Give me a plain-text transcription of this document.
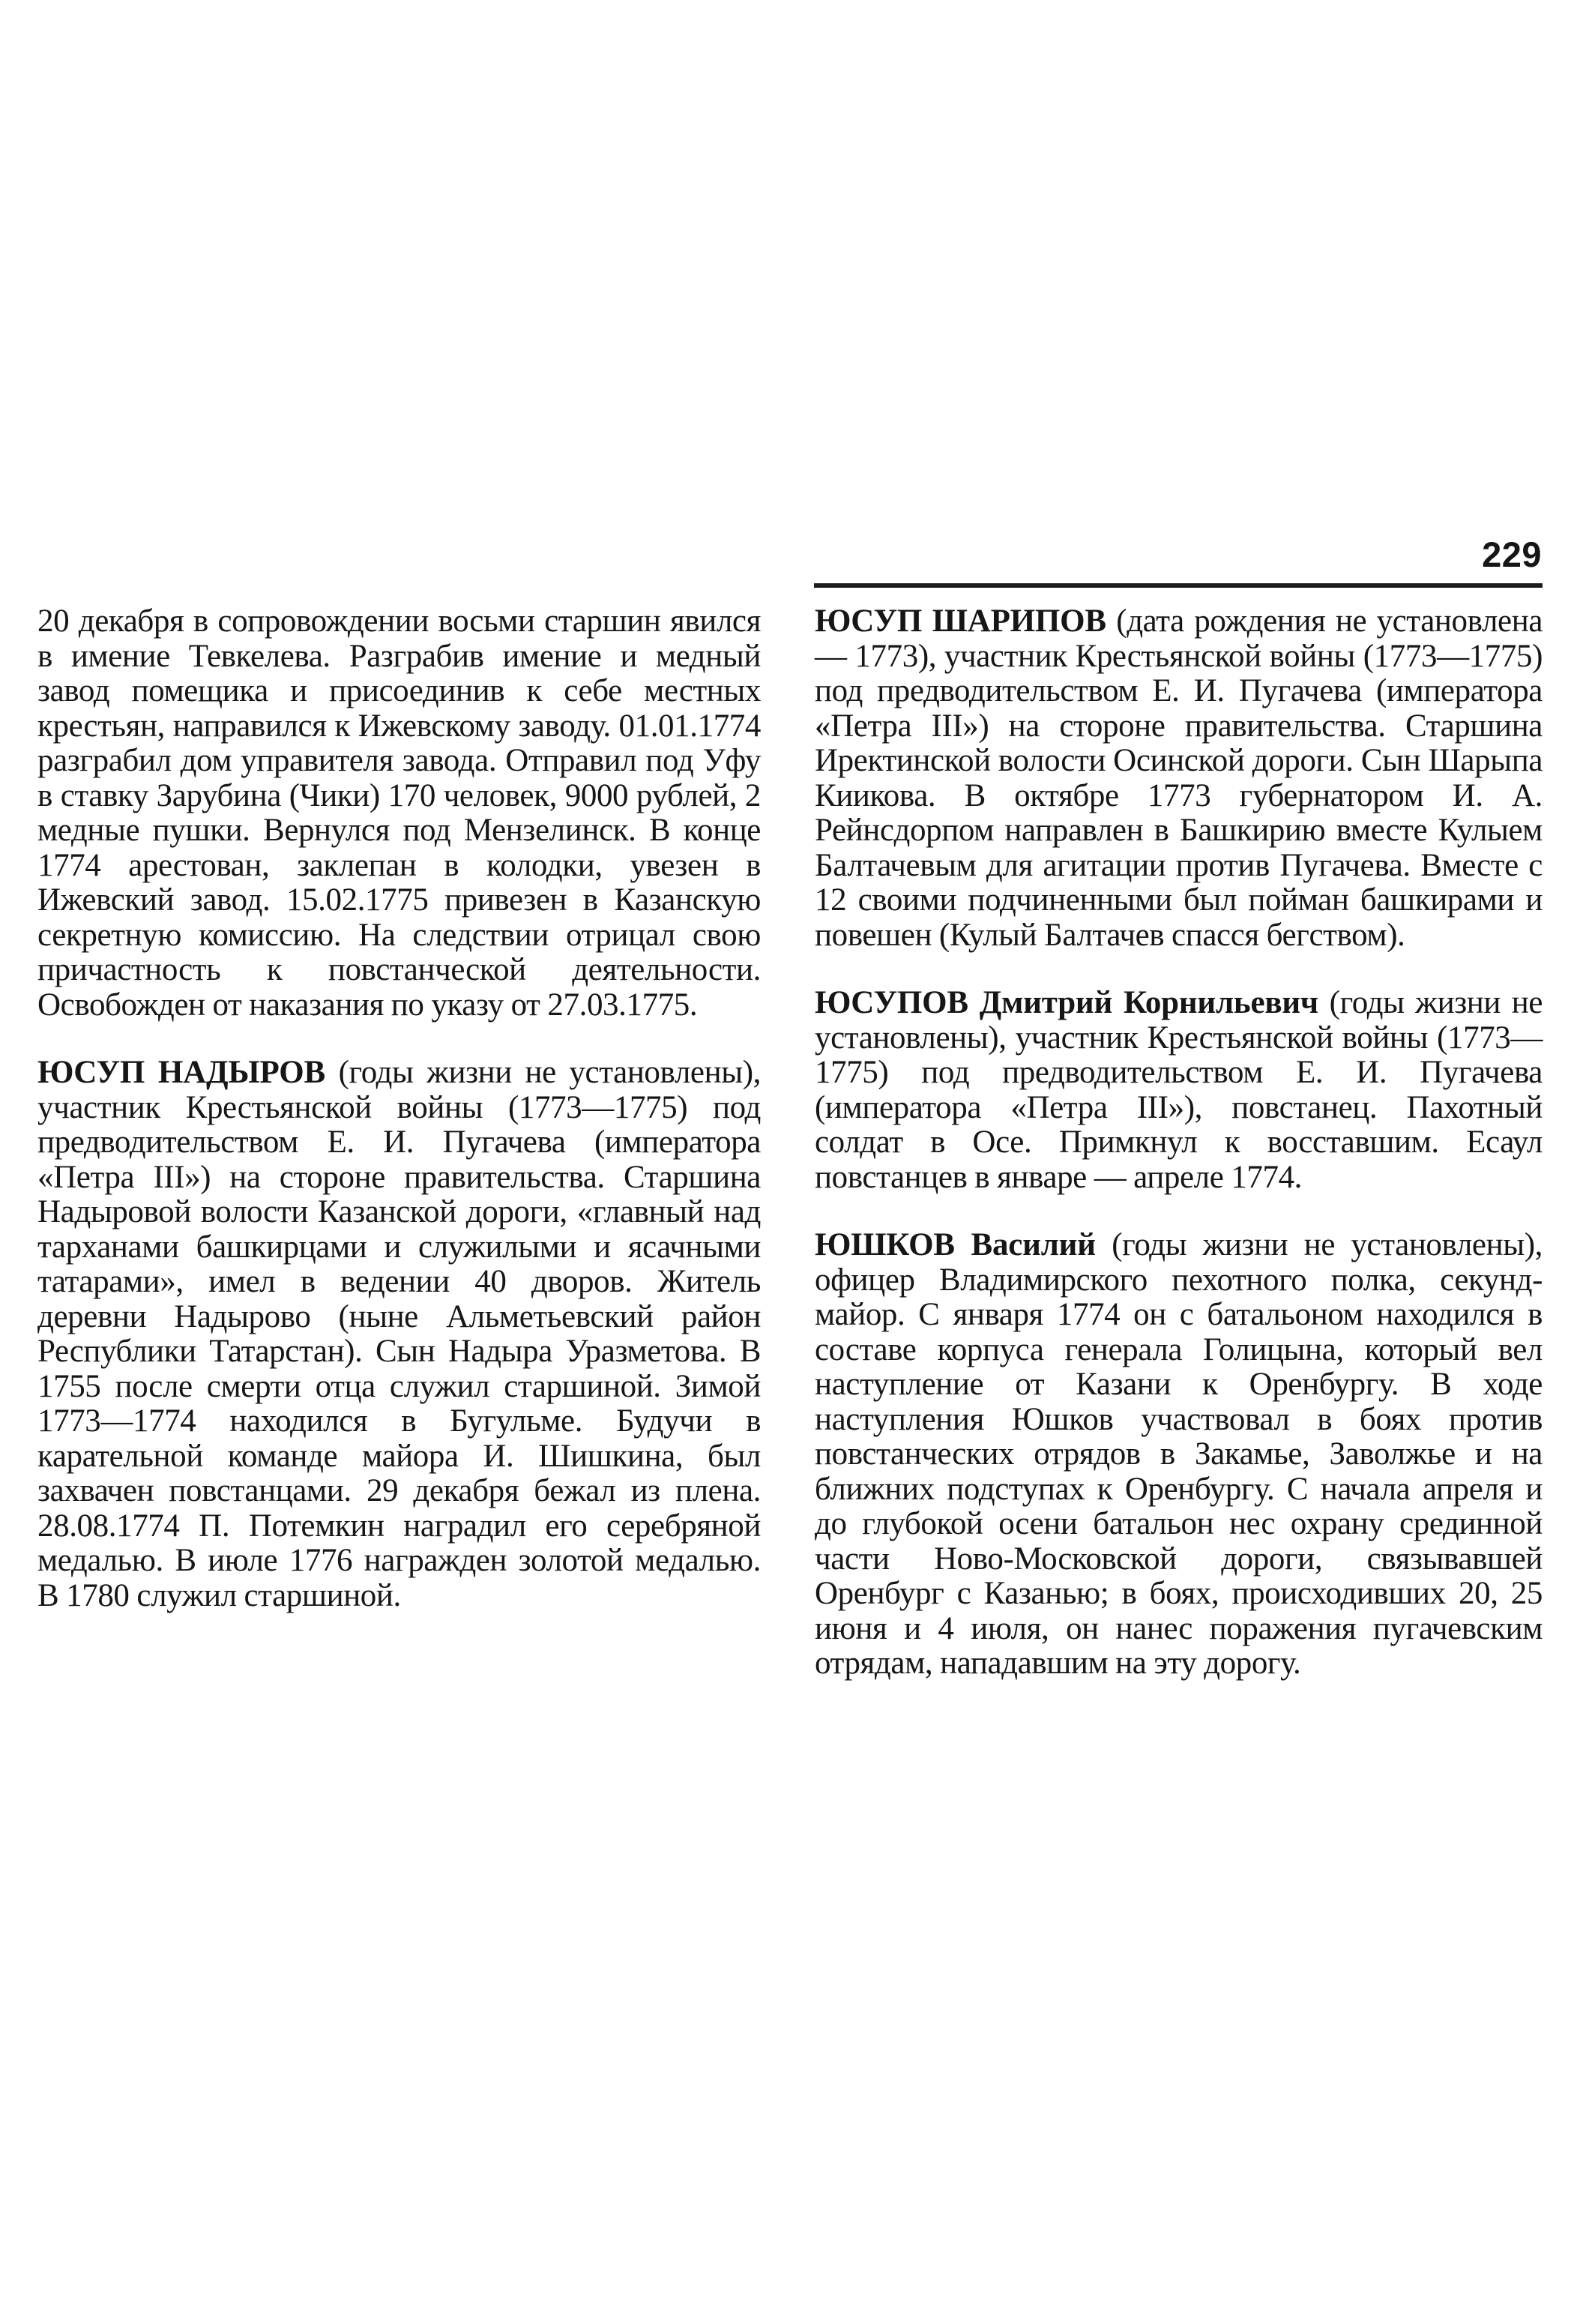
229

20 декабря в сопровождении восьми старшин явился в имение Тевкелева. Разграбив имение и медный завод помещика и присоединив к себе местных крестьян, направился к Ижевскому заводу. 01.01.1774 разграбил дом управителя завода. Отправил под Уфу в ставку Зарубина (Чики) 170 человек, 9000 рублей, 2 медные пушки. Вернулся под Мензелинск. В конце 1774 арестован, заклепан в колодки, увезен в Ижевский завод. 15.02.1775 привезен в Казанскую секретную комиссию. На следствии отрицал свою причастность к повстанческой деятельности. Освобожден от наказания по указу от 27.03.1775.

ЮСУП НАДЫРОВ (годы жизни не установлены), участник Крестьянской войны (1773—1775) под предводительством Е. И. Пугачева (императора «Петра III») на стороне правительства. Старшина Надыровой волости Казанской дороги, «главный над тарханами башкирцами и служилыми и ясачными татарами», имел в ведении 40 дворов. Житель деревни Надырово (ныне Альметьевский район Республики Татарстан). Сын Надыра Уразметова. В 1755 после смерти отца служил старшиной. Зимой 1773—1774 находился в Бугульме. Будучи в карательной команде майора И. Шишкина, был захвачен повстанцами. 29 декабря бежал из плена. 28.08.1774 П. Потемкин наградил его серебряной медалью. В июле 1776 награжден золотой медалью. В 1780 служил старшиной.

ЮСУП ШАРИПОВ (дата рождения не установлена — 1773), участник Крестьянской войны (1773—1775) под предводительством Е. И. Пугачева (императора «Петра III») на стороне правительства. Старшина Иректинской волости Осинской дороги. Сын Шарыпа Киикова. В октябре 1773 губернатором И. А. Рейнсдорпом направлен в Башкирию вместе Кулыем Балтачевым для агитации против Пугачева. Вместе с 12 своими подчиненными был пойман башкирами и повешен (Кулый Балтачев спасся бегством).

ЮСУПОВ Дмитрий Корнильевич (годы жизни не установлены), участник Крестьянской войны (1773—1775) под предводительством Е. И. Пугачева (императора «Петра III»), повстанец. Пахотный солдат в Осе. Примкнул к восставшим. Есаул повстанцев в январе — апреле 1774.

ЮШКОВ Василий (годы жизни не установлены), офицер Владимирского пехотного полка, секунд-майор. С января 1774 он с батальоном находился в составе корпуса генерала Голицына, который вел наступление от Казани к Оренбургу. В ходе наступления Юшков участвовал в боях против повстанческих отрядов в Закамье, Заволжье и на ближних подступах к Оренбургу. С начала апреля и до глубокой осени батальон нес охрану срединной части Ново-Московской дороги, связывавшей Оренбург с Казанью; в боях, происходивших 20, 25 июня и 4 июля, он нанес поражения пугачевским отрядам, нападавшим на эту дорогу.
